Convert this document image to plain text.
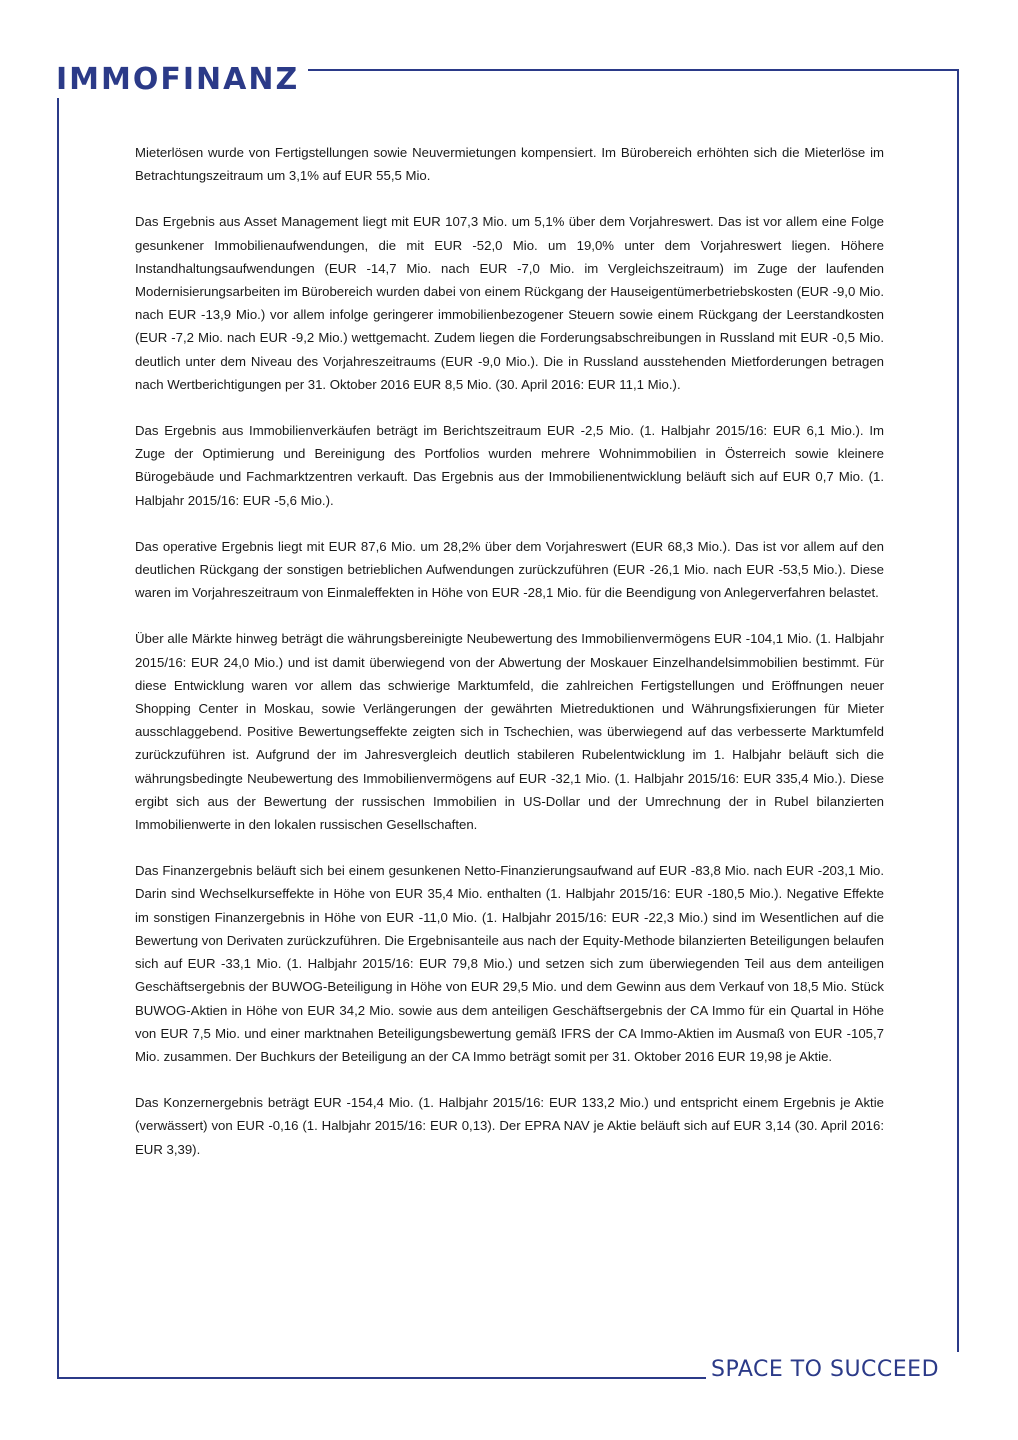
IMMOFINANZ
SPACE TO SUCCEED

Mieterlösen wurde von Fertigstellungen sowie Neuvermietungen kompensiert. Im Bürobereich erhöhten sich die Mieterlöse im Betrachtungszeitraum um 3,1% auf EUR 55,5 Mio.

Das Ergebnis aus Asset Management liegt mit EUR 107,3 Mio. um 5,1% über dem Vorjahreswert. Das ist vor allem eine Folge gesunkener Immobilienaufwendungen, die mit EUR -52,0 Mio. um 19,0% unter dem Vorjahreswert liegen. Höhere Instandhaltungsaufwendungen (EUR -14,7 Mio. nach EUR -7,0 Mio. im Vergleichszeitraum) im Zuge der laufenden Modernisierungsarbeiten im Bürobereich wurden dabei von einem Rückgang der Hauseigentümerbetriebskosten (EUR -9,0 Mio. nach EUR -13,9 Mio.) vor allem infolge geringerer immobilienbezogener Steuern sowie einem Rückgang der Leerstandkosten (EUR -7,2 Mio. nach EUR -9,2 Mio.) wettgemacht. Zudem liegen die Forderungsabschreibungen in Russland mit EUR -0,5 Mio. deutlich unter dem Niveau des Vorjahreszeitraums (EUR -9,0 Mio.). Die in Russland ausstehenden Mietforderungen betragen nach Wertberichtigungen per 31. Oktober 2016 EUR 8,5 Mio. (30. April 2016: EUR 11,1 Mio.).

Das Ergebnis aus Immobilienverkäufen beträgt im Berichtszeitraum EUR -2,5 Mio. (1. Halbjahr 2015/16: EUR 6,1 Mio.). Im Zuge der Optimierung und Bereinigung des Portfolios wurden mehrere Wohnimmobilien in Österreich sowie kleinere Bürogebäude und Fachmarktzentren verkauft. Das Ergebnis aus der Immobilienentwicklung beläuft sich auf EUR 0,7 Mio. (1. Halbjahr 2015/16: EUR -5,6 Mio.).

Das operative Ergebnis liegt mit EUR 87,6 Mio. um 28,2% über dem Vorjahreswert (EUR 68,3 Mio.). Das ist vor allem auf den deutlichen Rückgang der sonstigen betrieblichen Aufwendungen zurückzuführen (EUR -26,1 Mio. nach EUR -53,5 Mio.). Diese waren im Vorjahreszeitraum von Einmaleffekten in Höhe von EUR -28,1 Mio. für die Beendigung von Anlegerverfahren belastet.

Über alle Märkte hinweg beträgt die währungsbereinigte Neubewertung des Immobilienvermögens EUR -104,1 Mio. (1. Halbjahr 2015/16: EUR 24,0 Mio.) und ist damit überwiegend von der Abwertung der Moskauer Einzelhandelsimmobilien bestimmt. Für diese Entwicklung waren vor allem das schwierige Marktumfeld, die zahlreichen Fertigstellungen und Eröffnungen neuer Shopping Center in Moskau, sowie Verlängerungen der gewährten Mietreduktionen und Währungsfixierungen für Mieter ausschlaggebend. Positive Bewertungseffekte zeigten sich in Tschechien, was überwiegend auf das verbesserte Marktumfeld zurückzuführen ist. Aufgrund der im Jahresvergleich deutlich stabileren Rubelentwicklung im 1. Halbjahr beläuft sich die währungsbedingte Neubewertung des Immobilienvermögens auf EUR -32,1 Mio. (1. Halbjahr 2015/16: EUR 335,4 Mio.). Diese ergibt sich aus der Bewertung der russischen Immobilien in US-Dollar und der Umrechnung der in Rubel bilanzierten Immobilienwerte in den lokalen russischen Gesellschaften.

Das Finanzergebnis beläuft sich bei einem gesunkenen Netto-Finanzierungsaufwand auf EUR -83,8 Mio. nach EUR -203,1 Mio. Darin sind Wechselkurseffekte in Höhe von EUR 35,4 Mio. enthalten (1. Halbjahr 2015/16: EUR -180,5 Mio.). Negative Effekte im sonstigen Finanzergebnis in Höhe von EUR -11,0 Mio. (1. Halbjahr 2015/16: EUR -22,3 Mio.) sind im Wesentlichen auf die Bewertung von Derivaten zurückzuführen. Die Ergebnisanteile aus nach der Equity-Methode bilanzierten Beteiligungen belaufen sich auf EUR -33,1 Mio. (1. Halbjahr 2015/16: EUR 79,8 Mio.) und setzen sich zum überwiegenden Teil aus dem anteiligen Geschäftsergebnis der BUWOG-Beteiligung in Höhe von EUR 29,5 Mio. und dem Gewinn aus dem Verkauf von 18,5 Mio. Stück BUWOG-Aktien in Höhe von EUR 34,2 Mio. sowie aus dem anteiligen Geschäftsergebnis der CA Immo für ein Quartal in Höhe von EUR 7,5 Mio. und einer marktnahen Beteiligungsbewertung gemäß IFRS der CA Immo-Aktien im Ausmaß von EUR -105,7 Mio. zusammen. Der Buchkurs der Beteiligung an der CA Immo beträgt somit per 31. Oktober 2016 EUR 19,98 je Aktie.

Das Konzernergebnis beträgt EUR -154,4 Mio. (1. Halbjahr 2015/16: EUR 133,2 Mio.) und entspricht einem Ergebnis je Aktie (verwässert) von EUR -0,16 (1. Halbjahr 2015/16: EUR 0,13). Der EPRA NAV je Aktie beläuft sich auf EUR 3,14 (30. April 2016: EUR 3,39).
